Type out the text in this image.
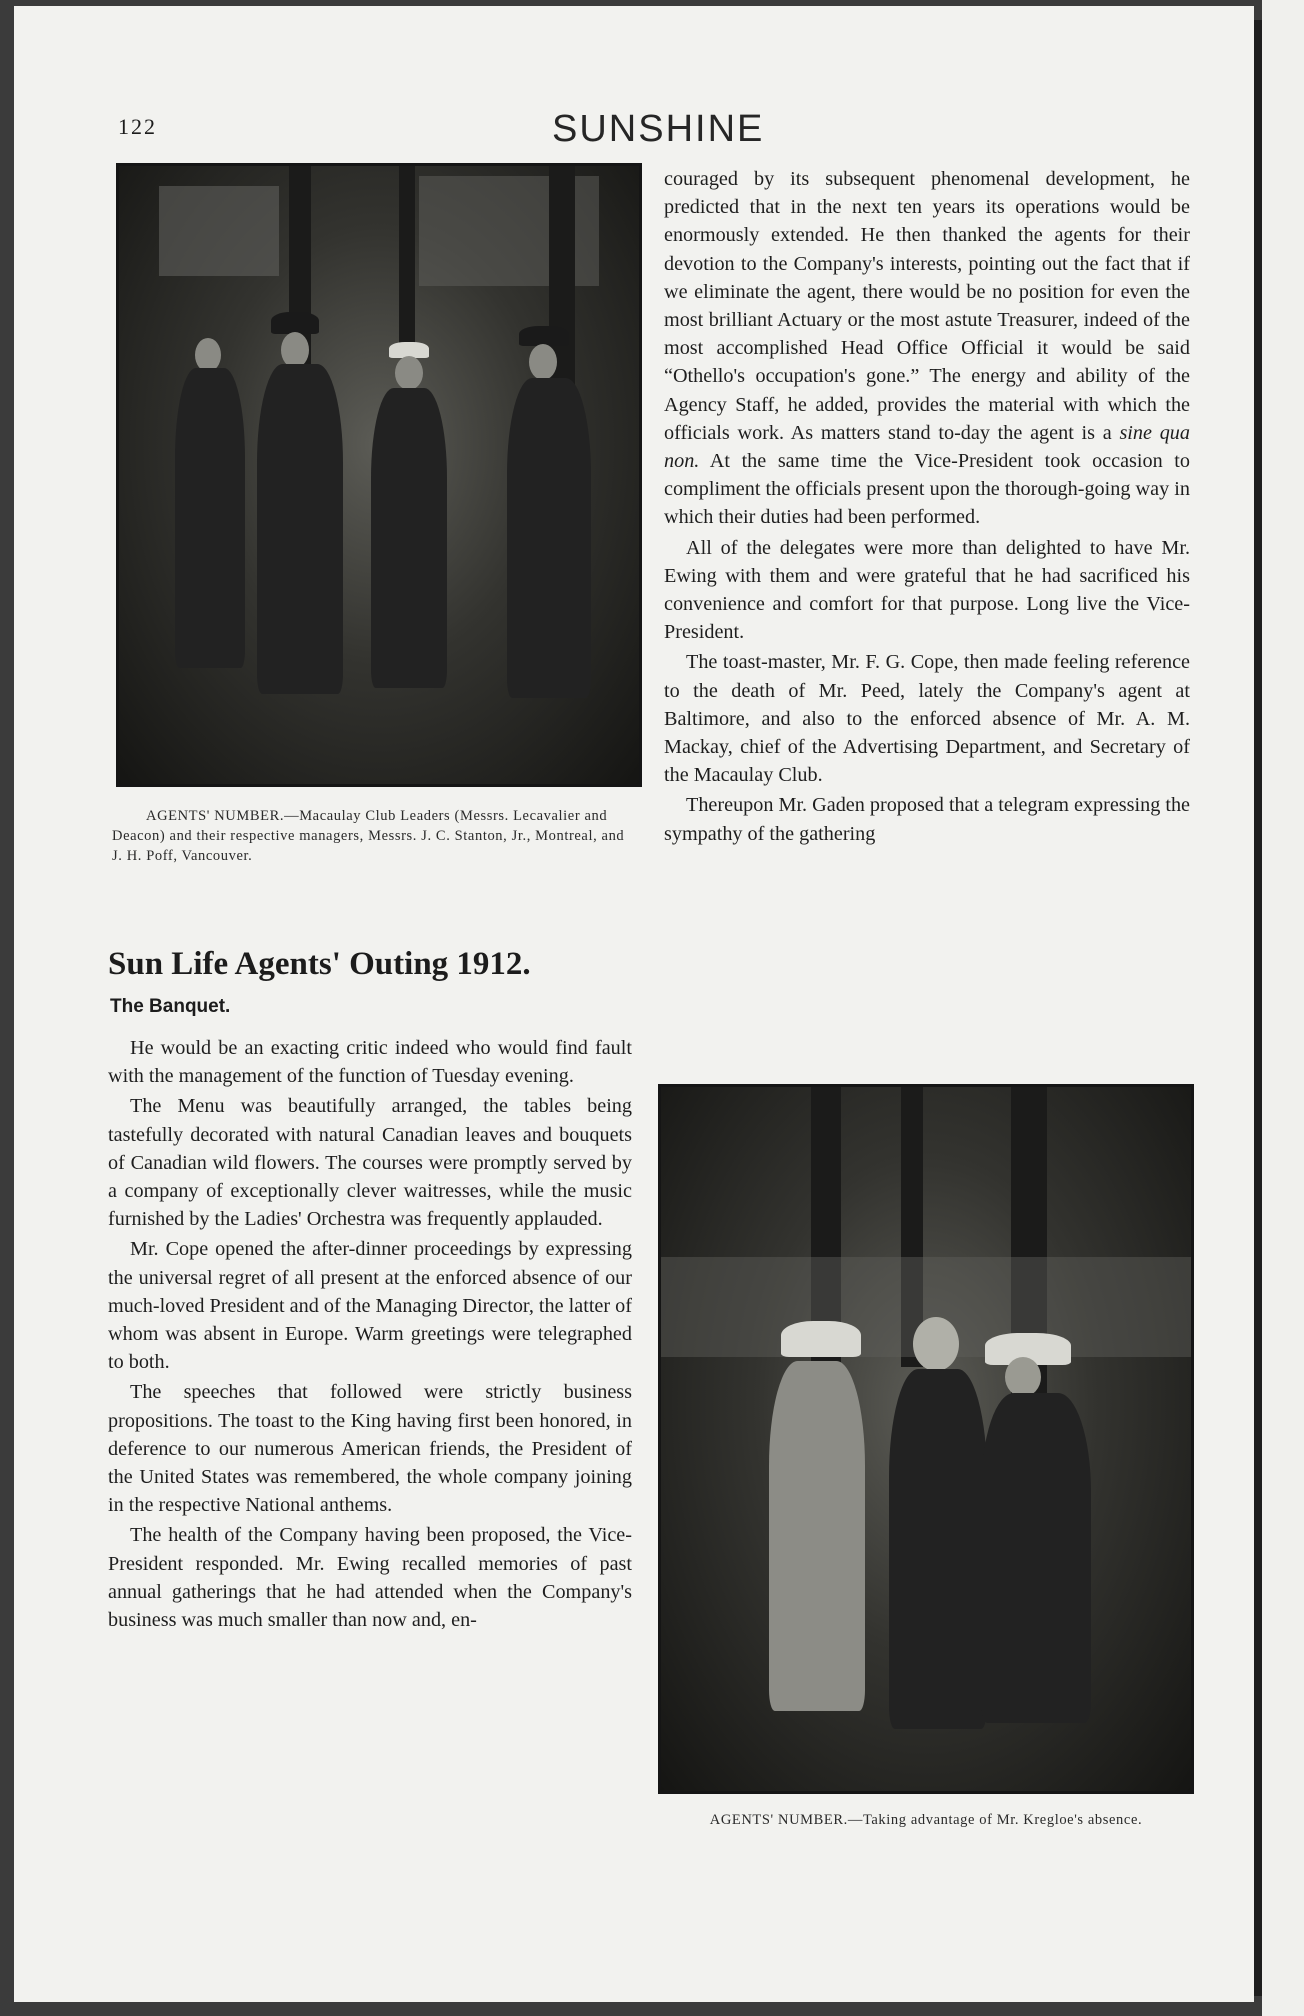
122	SUNSHINE
AGENTS' NUMBER.—Macaulay Club Leaders (Messrs. Lecavalier and Deacon) and their respective managers, Messrs. J. C. Stanton, Jr., Montreal, and J. H. Poff, Vancouver.
Sun Life Agents' Outing 1912.
The Banquet.

He would be an exacting critic indeed who would find fault with the management of the function of Tuesday evening.

The Menu was beautifully arranged, the tables being tastefully decorated with natural Canadian leaves and bouquets of Canadian wild flowers. The courses were promptly served by a company of exceptionally clever waitresses, while the music furnished by the Ladies' Orchestra was frequently applauded.

Mr. Cope opened the after-dinner proceedings by expressing the universal regret of all present at the enforced absence of our much-loved President and of the Managing Director, the latter of whom was absent in Europe. Warm greetings were telegraphed to both.

The speeches that followed were strictly business propositions. The toast to the King having first been honored, in deference to our numerous American friends, the President of the United States was remembered, the whole company joining in the respective National anthems.

The health of the Company having been proposed, the Vice-President responded. Mr. Ewing recalled memories of past annual gatherings that he had attended when the Company's business was much smaller than now and, en-

couraged by its subsequent phenomenal development, he predicted that in the next ten years its operations would be enormously extended. He then thanked the agents for their devotion to the Company's interests, pointing out the fact that if we eliminate the agent, there would be no position for even the most brilliant Actuary or the most astute Treasurer, indeed of the most accomplished Head Office Official it would be said “Othello's occupation's gone.” The energy and ability of the Agency Staff, he added, provides the material with which the officials work. As matters stand to-day the agent is a sine qua non. At the same time the Vice-President took occasion to compliment the officials present upon the thorough-going way in which their duties had been performed.

All of the delegates were more than delighted to have Mr. Ewing with them and were grateful that he had sacrificed his convenience and comfort for that purpose. Long live the Vice-President.

The toast-master, Mr. F. G. Cope, then made feeling reference to the death of Mr. Peed, lately the Company's agent at Baltimore, and also to the enforced absence of Mr. A. M. Mackay, chief of the Advertising Department, and Secretary of the Macaulay Club.

Thereupon Mr. Gaden proposed that a telegram expressing the sympathy of the gathering

AGENTS' NUMBER.—Taking advantage of Mr. Kregloe's absence.
